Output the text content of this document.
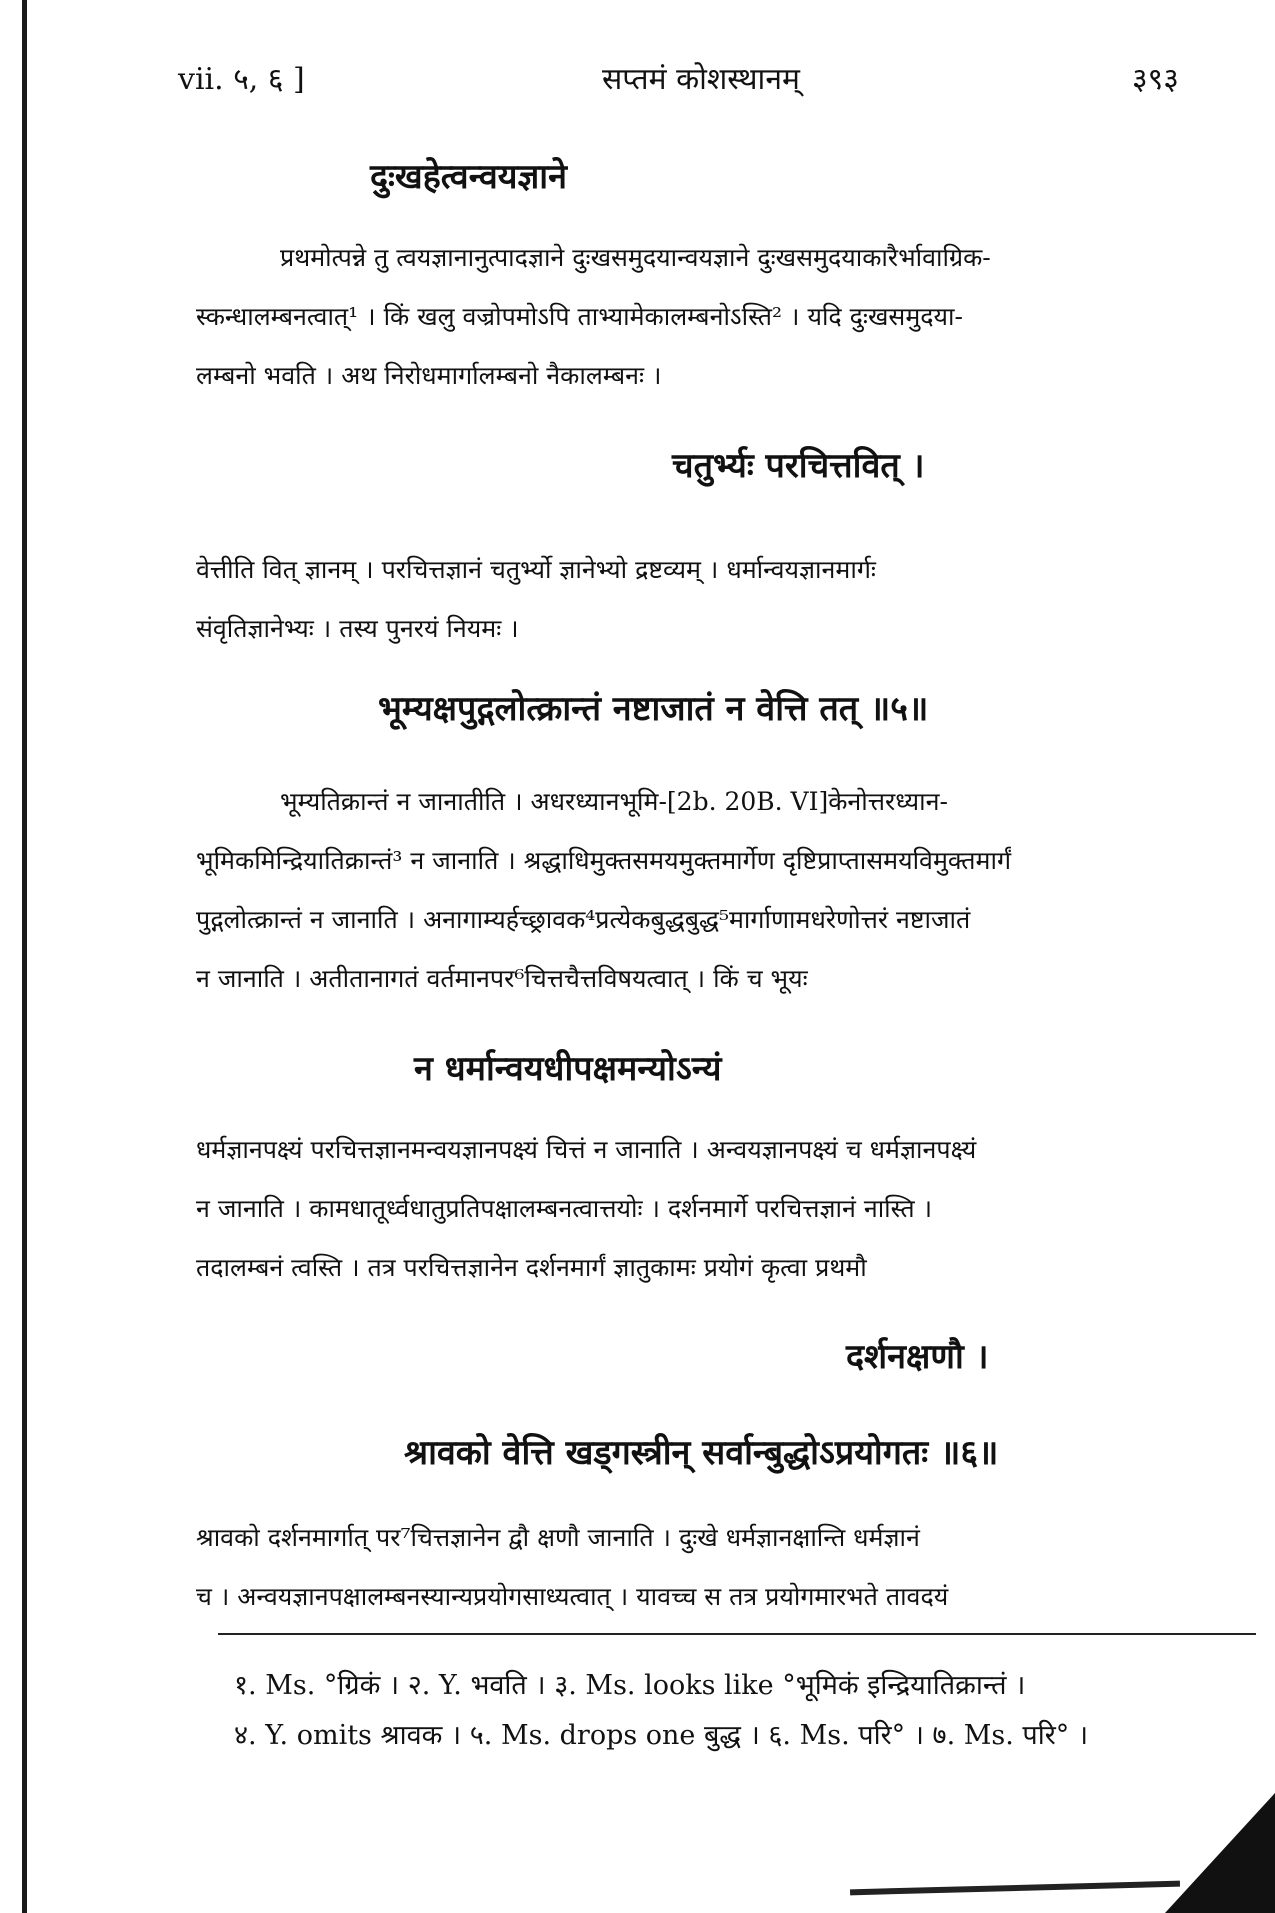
vii. ५, ६ ]	सप्तमं कोशस्थानम्	३९३
दुःखहेत्वन्वयज्ञाने
प्रथमोत्पन्ने तु त्वयज्ञानानुत्पादज्ञाने दुःखसमुदयान्वयज्ञाने दुःखसमुदयाकारैर्भावाग्रिक-
स्कन्धालम्बनत्वात्¹ । किं खलु वज्रोपमोऽपि ताभ्यामेकालम्बनोऽस्ति² । यदि दुःखसमुदया-
लम्बनो भवति । अथ निरोधमार्गालम्बनो नैकालम्बनः ।
चतुर्भ्यः परचित्तवित् ।
वेत्तीति वित् ज्ञानम् । परचित्तज्ञानं चतुर्भ्यो ज्ञानेभ्यो द्रष्टव्यम् । धर्मान्वयज्ञानमार्गः
संवृतिज्ञानेभ्यः । तस्य पुनरयं नियमः ।
भूम्यक्षपुद्गलोत्क्रान्तं नष्टाजातं न वेत्ति तत् ॥५॥
भूम्यतिक्रान्तं न जानातीति । अधरध्यानभूमि-[2b. 20B. VI]केनोत्तरध्यान-
भूमिकमिन्द्रियातिक्रान्तं³ न जानाति । श्रद्धाधिमुक्तसमयमुक्तमार्गेण दृष्टिप्राप्तासमयविमुक्तमार्गं
पुद्गलोत्क्रान्तं न जानाति । अनागाम्यर्हच्छ्रावक⁴प्रत्येकबुद्धबुद्ध⁵मार्गाणामधरेणोत्तरं नष्टाजातं
न जानाति । अतीतानागतं वर्तमानपर⁶चित्तचैत्तविषयत्वात् । किं च भूयः
न धर्मान्वयधीपक्षमन्योऽन्यं
धर्मज्ञानपक्ष्यं परचित्तज्ञानमन्वयज्ञानपक्ष्यं चित्तं न जानाति । अन्वयज्ञानपक्ष्यं च धर्मज्ञानपक्ष्यं
न जानाति । कामधातूर्ध्वधातुप्रतिपक्षालम्बनत्वात्तयोः । दर्शनमार्गे परचित्तज्ञानं नास्ति ।
तदालम्बनं त्वस्ति । तत्र परचित्तज्ञानेन दर्शनमार्गं ज्ञातुकामः प्रयोगं कृत्वा प्रथमौ
दर्शनक्षणौ ।
श्रावको वेत्ति खड्गस्त्रीन् सर्वान्बुद्धोऽप्रयोगतः ॥६॥
श्रावको दर्शनमार्गात् पर⁷चित्तज्ञानेन द्वौ क्षणौ जानाति । दुःखे धर्मज्ञानक्षान्ति धर्मज्ञानं
च । अन्वयज्ञानपक्षालम्बनस्यान्यप्रयोगसाध्यत्वात् । यावच्च स तत्र प्रयोगमारभते तावदयं
१. Ms. °ग्रिकं । २. Y. भवति । ३. Ms. looks like °भूमिकं इन्द्रियातिक्रान्तं ।
४. Y. omits श्रावक । ५. Ms. drops one बुद्ध । ६. Ms. परि° । ७. Ms. परि° ।
